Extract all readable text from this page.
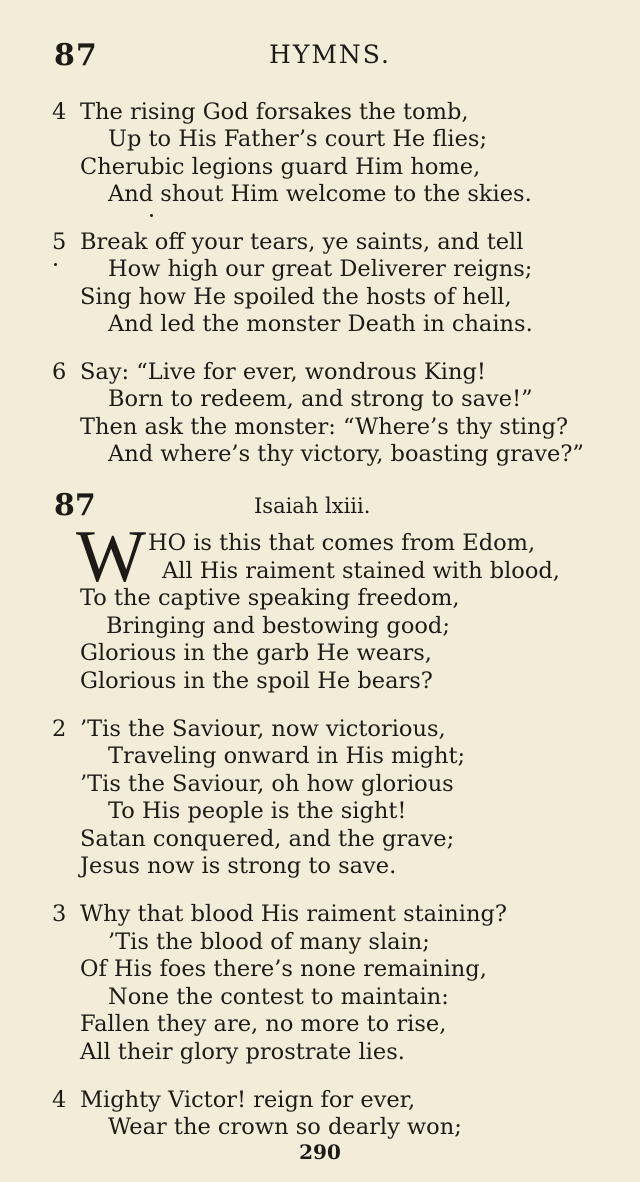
87	HYMNS.
4 The rising God forsakes the tomb,
Up to His Father’s court He flies;
Cherubic legions guard Him home,
And shout Him welcome to the skies.
5 Break off your tears, ye saints, and tell
How high our great Deliverer reigns;
Sing how He spoiled the hosts of hell,
And led the monster Death in chains.
6 Say: “Live for ever, wondrous King!
Born to redeem, and strong to save!”
Then ask the monster: “Where’s thy sting?
And where’s thy victory, boasting grave?”
87	Isaiah lxiii.
W HO is this that comes from Edom,
All His raiment stained with blood,
To the captive speaking freedom,
Bringing and bestowing good;
Glorious in the garb He wears,
Glorious in the spoil He bears?
2 ’Tis the Saviour, now victorious,
Traveling onward in His might;
’Tis the Saviour, oh how glorious
To His people is the sight!
Satan conquered, and the grave;
Jesus now is strong to save.
3 Why that blood His raiment staining?
’Tis the blood of many slain;
Of His foes there’s none remaining,
None the contest to maintain:
Fallen they are, no more to rise,
All their glory prostrate lies.
4 Mighty Victor! reign for ever,
Wear the crown so dearly won;
290
